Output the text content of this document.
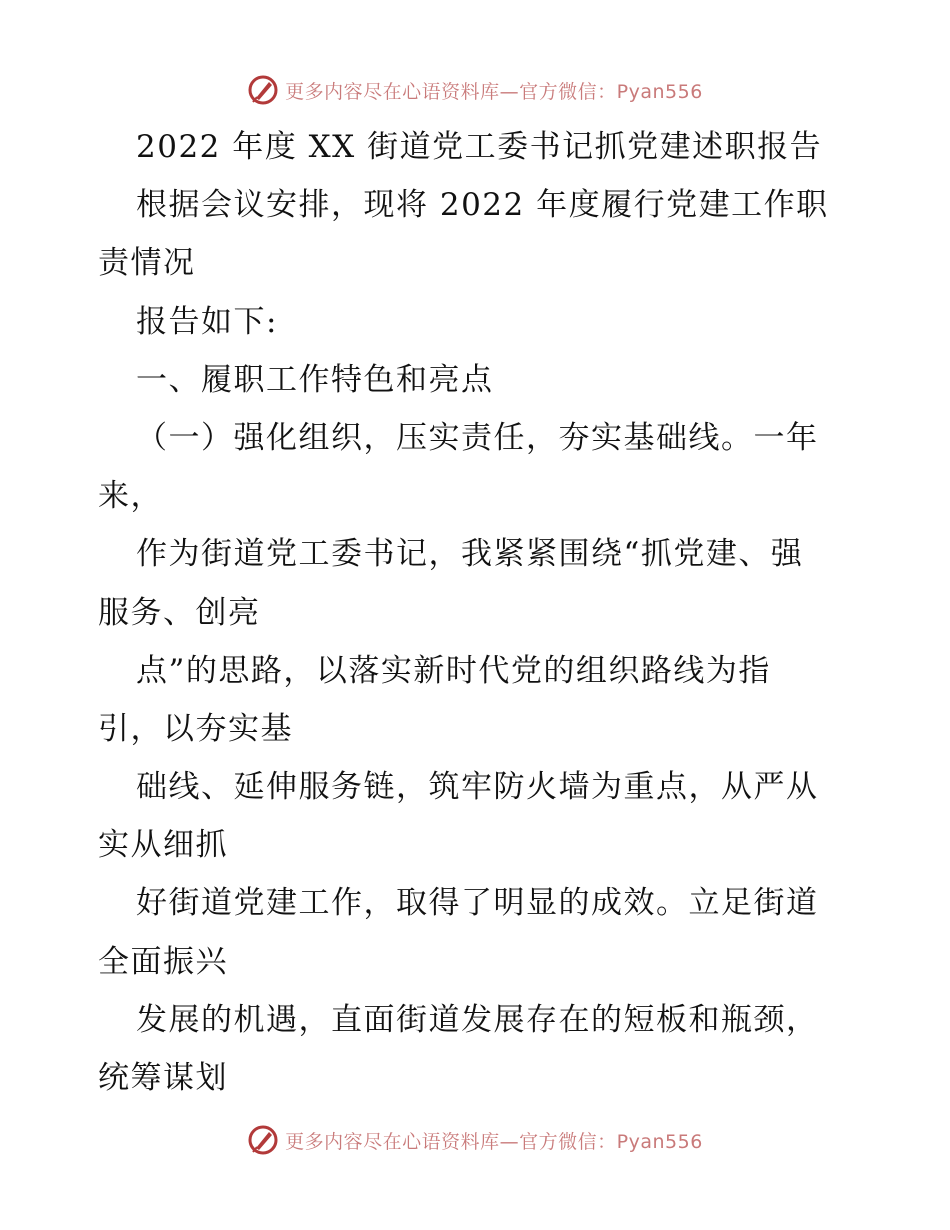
更多内容尽在心语资料库—官方微信：Pyan556
2022 年度 XX 街道党工委书记抓党建述职报告
根据会议安排，现将 2022 年度履行党建工作职
责情况
报告如下:
一、履职工作特色和亮点
（一）强化组织，压实责任，夯实基础线。一年
来，
作为街道党工委书记，我紧紧围绕“抓党建、强
服务、创亮
点”的思路，以落实新时代党的组织路线为指
引，以夯实基
础线、延伸服务链，筑牢防火墙为重点，从严从
实从细抓
好街道党建工作，取得了明显的成效。立足街道
全面振兴
发展的机遇，直面街道发展存在的短板和瓶颈，
统筹谋划
更多内容尽在心语资料库—官方微信：Pyan556
